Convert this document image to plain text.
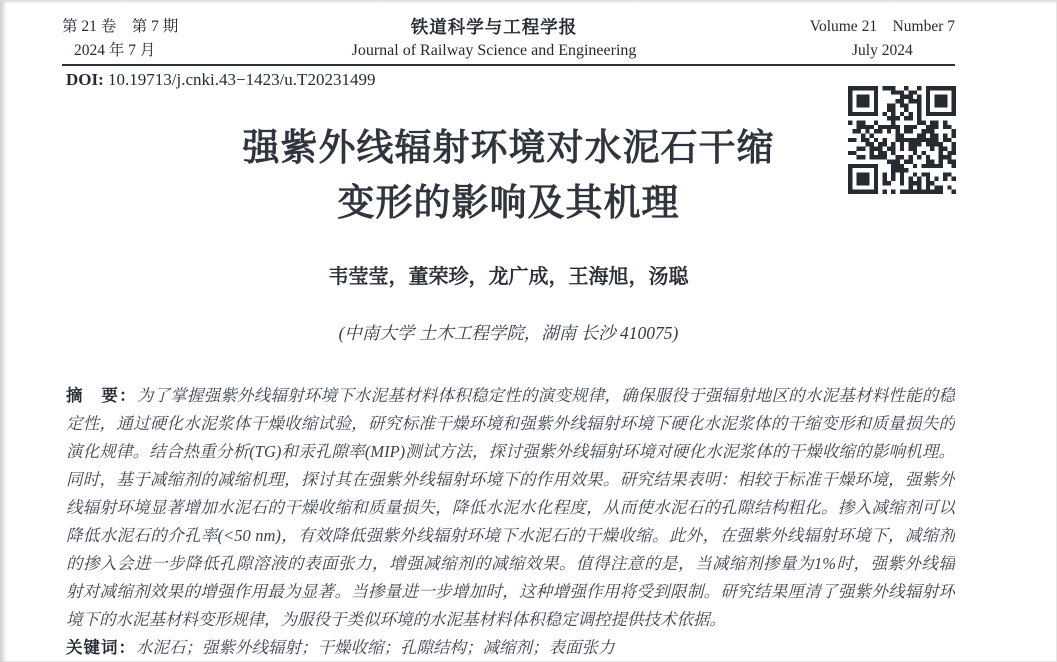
第 21 卷　第 7 期
2024 年 7 月
铁道科学与工程学报
Journal of Railway Science and Engineering
Volume 21　Number 7
July 2024
DOI: 10.19713/j.cnki.43−1423/u.T20231499
强紫外线辐射环境对水泥石干缩
变形的影响及其机理
韦莹莹，董荣珍，龙广成，王海旭，汤聪
(中南大学 土木工程学院，湖南 长沙 410075)
摘　要：为了掌握强紫外线辐射环境下水泥基材料体积稳定性的演变规律，确保服役于强辐射地区的水泥基材料性能的稳
定性，通过硬化水泥浆体干燥收缩试验，研究标准干燥环境和强紫外线辐射环境下硬化水泥浆体的干缩变形和质量损失的
演化规律。结合热重分析(TG)和汞孔隙率(MIP)测试方法，探讨强紫外线辐射环境对硬化水泥浆体的干燥收缩的影响机理。
同时，基于减缩剂的减缩机理，探讨其在强紫外线辐射环境下的作用效果。研究结果表明：相较于标准干燥环境，强紫外
线辐射环境显著增加水泥石的干燥收缩和质量损失，降低水泥水化程度，从而使水泥石的孔隙结构粗化。掺入减缩剂可以
降低水泥石的介孔率(<50 nm)，有效降低强紫外线辐射环境下水泥石的干燥收缩。此外，在强紫外线辐射环境下，减缩剂
的掺入会进一步降低孔隙溶液的表面张力，增强减缩剂的减缩效果。值得注意的是，当减缩剂掺量为1%时，强紫外线辐
射对减缩剂效果的增强作用最为显著。当掺量进一步增加时，这种增强作用将受到限制。研究结果厘清了强紫外线辐射环
境下的水泥基材料变形规律，为服役于类似环境的水泥基材料体积稳定调控提供技术依据。
关键词：水泥石；强紫外线辐射；干燥收缩；孔隙结构；减缩剂；表面张力
